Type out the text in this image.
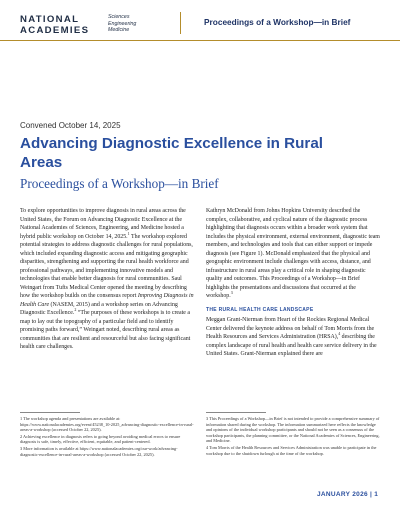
NATIONAL
ACADEMIES
Sciences
Engineering
Medicine
Proceedings of a Workshop—in Brief
Convened October 14, 2025
Advancing Diagnostic Excellence in Rural Areas
Proceedings of a Workshop—in Brief

To explore opportunities to improve diagnosis in rural areas across the United States, the Forum on Advancing Diagnostic Excellence at the National Academies of Sciences, Engineering, and Medicine hosted a hybrid public workshop on October 14, 2025.$^1$ The workshop explored potential strategies to address diagnostic challenges for rural populations, which included expanding diagnostic access and mitigating geographic disparities, strengthening and supporting the rural health workforce and professional pathways, and implementing innovative models and technologies that enable better diagnosis for rural communities. Saul Weingart from Tufts Medical Center opened the meeting by describing how the workshop builds on the consensus report Improving Diagnosis in Health Care (NASEM, 2015) and a workshop series on Advancing Diagnostic Excellence.$^2$ “The purposes of these workshops is to create a map to lay out the topography of a particular field and to identify promising paths forward,” Weingart noted, describing rural areas as communities that are resilient and resourceful but also facing significant health care challenges.

Kathryn McDonald from Johns Hopkins University described the complex, collaborative, and cyclical nature of the diagnostic process highlighting that diagnosis occurs within a broader work system that includes the physical environment, external environment, diagnostic team members, and technologies and tools that can either support or impede diagnosis (see Figure 1). McDonald emphasized that the physical and geographic environment include challenges with access, distance, and infrastructure in rural areas play a critical role in shaping diagnostic quality and outcomes. This Proceedings of a Workshop—in Brief highlights the presentations and discussions that occurred at the workshop.$^3$

THE RURAL HEALTH CARE LANDSCAPE

Meggan Grant-Nierman from Heart of the Rockies Regional Medical Center delivered the keynote address on behalf of Tom Morris from the Health Resources and Services Administration (HRSA),$^4$ describing the complex landscape of rural health and health care service delivery in the United States. Grant-Nierman explained there are

1 The workshop agenda and presentations are available at: https://www.nationalacademies.org/event/45238_10-2025_advancing-diagnostic-excellence-in-rural-areas-a-workshop (accessed October 22, 2025).
2 Achieving excellence in diagnosis refers to going beyond avoiding medical errors to ensure diagnosis is safe, timely, effective, efficient, equitable, and patient-centered.
3 More information is available at https://www.nationalacademies.org/our-work/advancing-diagnostic-excellence-in-rural-areas-a-workshop (accessed October 22, 2025).
3 This Proceedings of a Workshop—in Brief is not intended to provide a comprehensive summary of information shared during the workshop. The information summarized here reflects the knowledge and opinions of the individual workshop participants and should not be seen as a consensus of the workshop participants, the planning committee, or the National Academies of Sciences, Engineering, and Medicine.
4 Tom Morris of the Health Resources and Services Administration was unable to participate in the workshop due to the shutdown furlough at the time of the workshop.
JANUARY 2026 | 1
